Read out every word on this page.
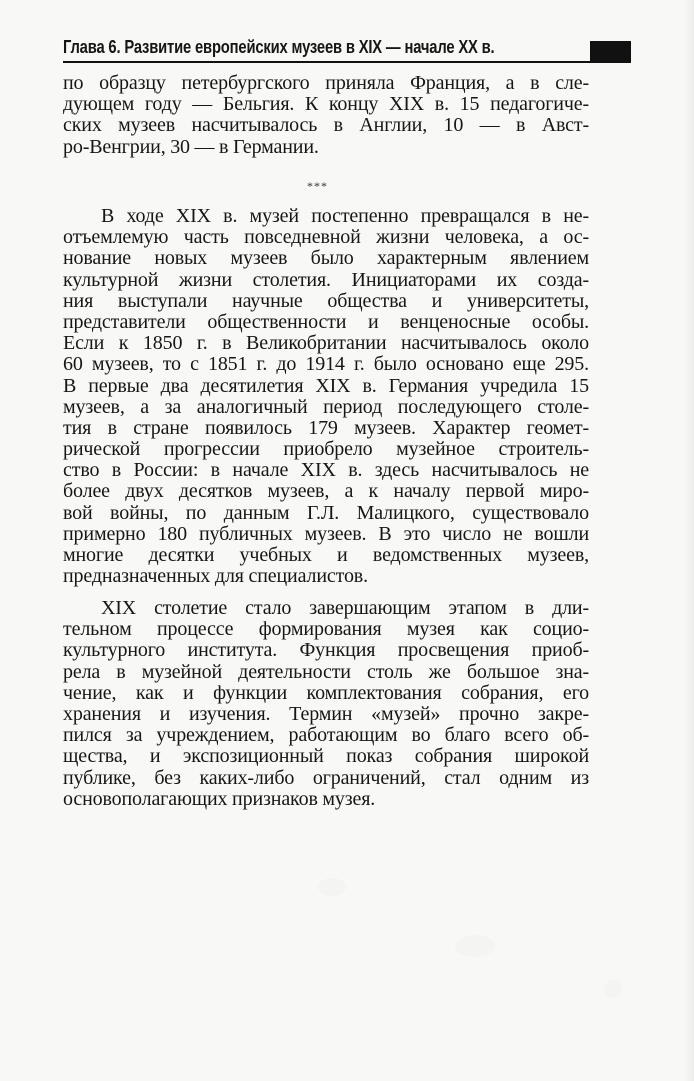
Глава 6. Развитие европейских музеев в XIX — начале XX в.
по образцу петербургского приняла Франция, а в сле-
дующем году — Бельгия. К концу XIX в. 15 педагогиче-
ских музеев насчитывалось в Англии, 10 — в Авст-
ро-Венгрии, 30 — в Германии.
***
В ходе XIX в. музей постепенно превращался в не-
отъемлемую часть повседневной жизни человека, а ос-
нование новых музеев было характерным явлением
культурной жизни столетия. Инициаторами их созда-
ния выступали научные общества и университеты,
представители общественности и венценосные особы.
Если к 1850 г. в Великобритании насчитывалось около
60 музеев, то с 1851 г. до 1914 г. было основано еще 295.
В первые два десятилетия XIX в. Германия учредила 15
музеев, а за аналогичный период последующего столе-
тия в стране появилось 179 музеев. Характер геомет-
рической прогрессии приобрело музейное строитель-
ство в России: в начале XIX в. здесь насчитывалось не
более двух десятков музеев, а к началу первой миро-
вой войны, по данным Г.Л. Малицкого, существовало
примерно 180 публичных музеев. В это число не вошли
многие десятки учебных и ведомственных музеев,
предназначенных для специалистов.
XIX столетие стало завершающим этапом в дли-
тельном процессе формирования музея как социо-
культурного института. Функция просвещения приоб-
рела в музейной деятельности столь же большое зна-
чение, как и функции комплектования собрания, его
хранения и изучения. Термин «музей» прочно закре-
пился за учреждением, работающим во благо всего об-
щества, и экспозиционный показ собрания широкой
публике, без каких-либо ограничений, стал одним из
основополагающих признаков музея.
